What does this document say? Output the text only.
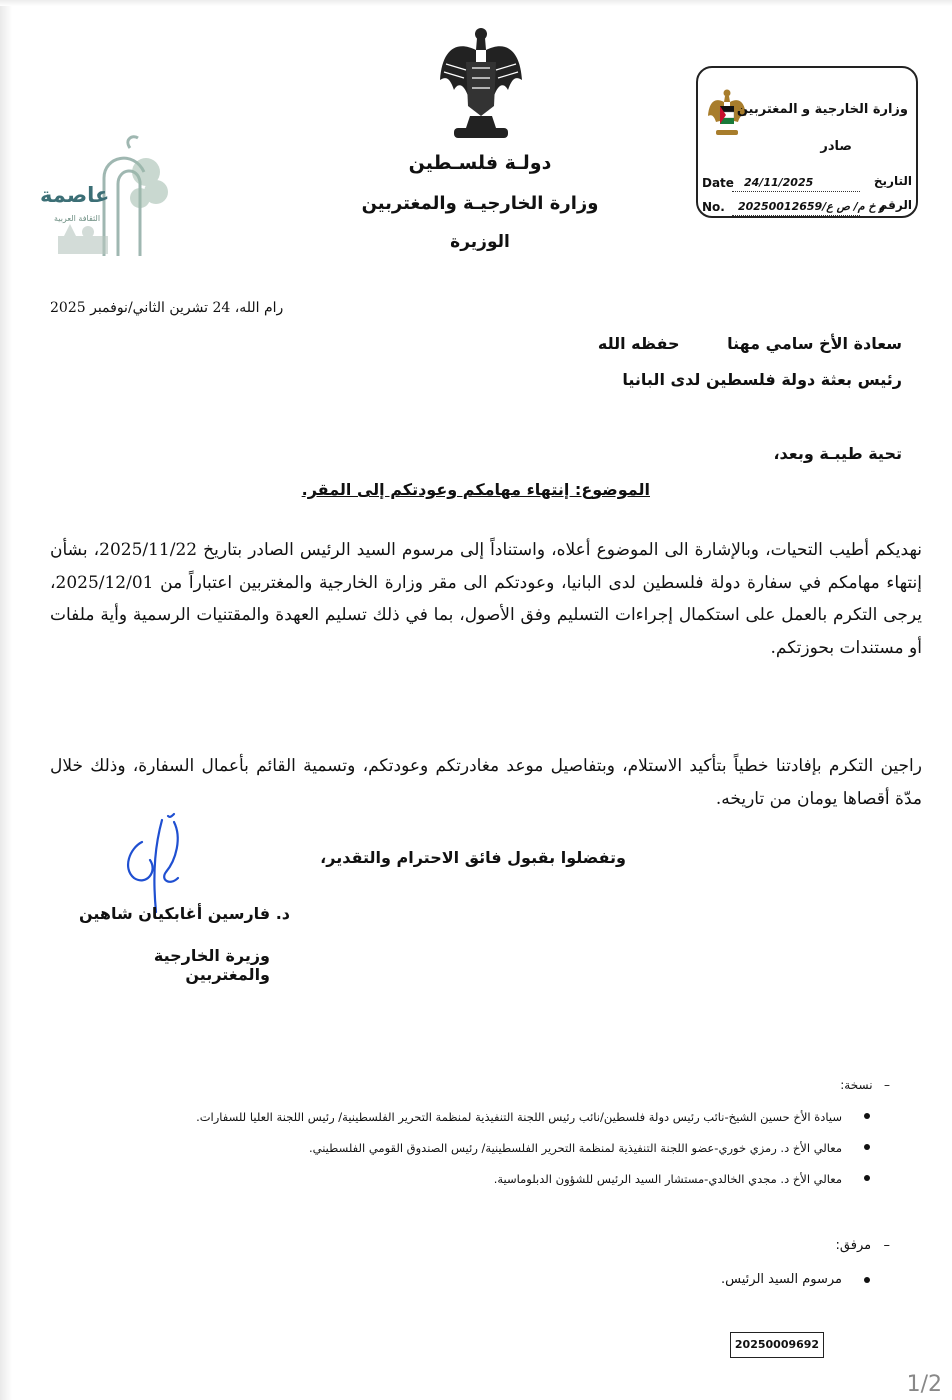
دولـة فلسـطين
وزارة الخارجيـة والمغتربين
الوزيرة
عاصمة
الثقافة العربية
وزارة الخارجية و المغتربين
صادر
Date 24/11/2025	التاريخ
No. 20250012659/و خ م/ ص ع
الرقم
رام الله، 24 تشرين الثاني/نوفمبر 2025
سعادة الأخ سامي مهنا حفظه الله
رئيس بعثة دولة فلسطين لدى البانيا
تحية طيبـة وبعد،
الموضوع: إنتهاء مهامكم وعودتكم إلى المقر.
نهديكم أطيب التحيات، وبالإشارة الى الموضوع أعلاه، واستناداً إلى مرسوم السيد الرئيس الصادر بتاريخ 2025/11/22، بشأن إنتهاء مهامكم في سفارة دولة فلسطين لدى البانيا، وعودتكم الى مقر وزارة الخارجية والمغتربين اعتباراً من 2025/12/01، يرجى التكرم بالعمل على استكمال إجراءات التسليم وفق الأصول، بما في ذلك تسليم العهدة والمقتنيات الرسمية وأية ملفات أو مستندات بحوزتكم.
راجين التكرم بإفادتنا خطياً بتأكيد الاستلام، وبتفاصيل موعد مغادرتكم وعودتكم، وتسمية القائم بأعمال السفارة، وذلك خلال مدّة أقصاها يومان من تاريخه.
وتفضلوا بقبول فائق الاحترام والتقدير،
د. فارسين أغابكيان شاهين
وزيرة الخارجية والمغتربين
–   نسخة:
سيادة الأخ حسين الشيخ-نائب رئيس دولة فلسطين/نائب رئيس اللجنة التنفيذية لمنظمة التحرير الفلسطينية/ رئيس اللجنة العليا للسفارات.
معالي الأخ د. رمزي خوري-عضو اللجنة التنفيذية لمنظمة التحرير الفلسطينية/ رئيس الصندوق القومي الفلسطيني.
معالي الأخ د. مجدي الخالدي-مستشار السيد الرئيس للشؤون الدبلوماسية.
–   مرفق:
مرسوم السيد الرئيس.
20250009692
1/2
